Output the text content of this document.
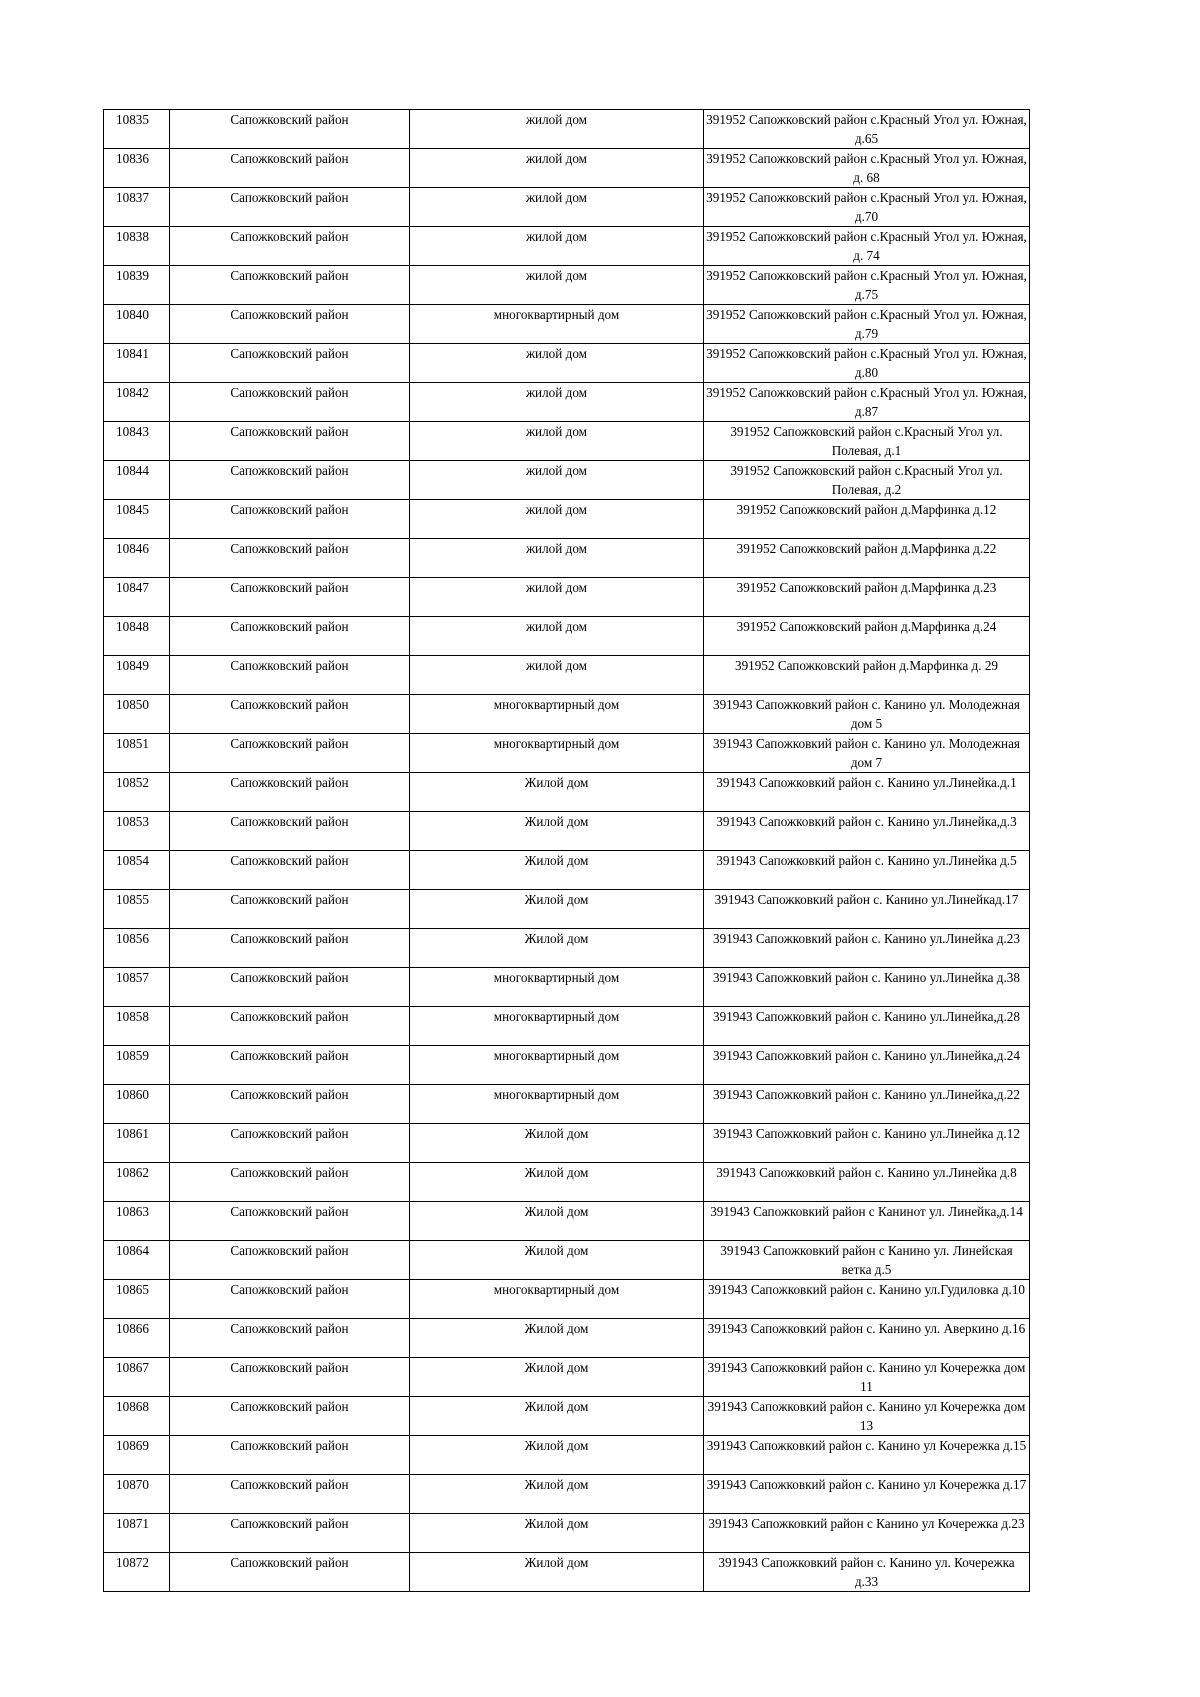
10835	Сапожковский район	жилой дом	391952 Сапожковский район с.Красный Угол ул. Южная, д.65
10836	Сапожковский район	жилой дом	391952 Сапожковский район с.Красный Угол ул. Южная, д. 68
10837	Сапожковский район	жилой дом	391952 Сапожковский район с.Красный Угол ул. Южная, д.70
10838	Сапожковский район	жилой дом	391952 Сапожковский район с.Красный Угол ул. Южная, д. 74
10839	Сапожковский район	жилой дом	391952 Сапожковский район с.Красный Угол ул. Южная, д.75
10840	Сапожковский район	многоквартирный дом	391952 Сапожковский район с.Красный Угол ул. Южная, д.79
10841	Сапожковский район	жилой дом	391952 Сапожковский район с.Красный Угол ул. Южная, д.80
10842	Сапожковский район	жилой дом	391952 Сапожковский район с.Красный Угол ул. Южная, д.87
10843	Сапожковский район	жилой дом	391952 Сапожковский район с.Красный Угол ул. Полевая, д.1
10844	Сапожковский район	жилой дом	391952 Сапожковский район с.Красный Угол ул. Полевая, д.2
10845	Сапожковский район	жилой дом	391952 Сапожковский район д.Марфинка д.12
10846	Сапожковский район	жилой дом	391952 Сапожковский район д.Марфинка д.22
10847	Сапожковский район	жилой дом	391952 Сапожковский район д.Марфинка д.23
10848	Сапожковский район	жилой дом	391952 Сапожковский район д.Марфинка д.24
10849	Сапожковский район	жилой дом	391952 Сапожковский район д.Марфинка д. 29
10850	Сапожковский район	многоквартирный дом	391943 Сапожковкий район с. Канино ул. Молодежная дом 5
10851	Сапожковский район	многоквартирный дом	391943 Сапожковкий район с. Канино ул. Молодежная дом 7
10852	Сапожковский район	Жилой дом	391943 Сапожковкий район с. Канино ул.Линейка.д.1
10853	Сапожковский район	Жилой дом	391943 Сапожковкий район с. Канино ул.Линейка,д.3
10854	Сапожковский район	Жилой дом	391943 Сапожковкий район с. Канино ул.Линейка д.5
10855	Сапожковский район	Жилой дом	391943 Сапожковкий район с. Канино ул.Линейкад.17
10856	Сапожковский район	Жилой дом	391943 Сапожковкий район с. Канино ул.Линейка д.23
10857	Сапожковский район	многоквартирный дом	391943 Сапожковкий район с. Канино ул.Линейка д.38
10858	Сапожковский район	многоквартирный дом	391943 Сапожковкий район с. Канино ул.Линейка,д.28
10859	Сапожковский район	многоквартирный дом	391943 Сапожковкий район с. Канино ул.Линейка,д.24
10860	Сапожковский район	многоквартирный дом	391943 Сапожковкий район с. Канино ул.Линейка,д.22
10861	Сапожковский район	Жилой дом	391943 Сапожковкий район с. Канино ул.Линейка д.12
10862	Сапожковский район	Жилой дом	391943 Сапожковкий район с. Канино ул.Линейка д.8
10863	Сапожковский район	Жилой дом	391943 Сапожковкий район с Канинот ул. Линейка,д.14
10864	Сапожковский район	Жилой дом	391943 Сапожковкий район с Канино ул. Линейская ветка д.5
10865	Сапожковский район	многоквартирный дом	391943 Сапожковкий район с. Канино ул.Гудиловка д.10
10866	Сапожковский район	Жилой дом	391943 Сапожковкий район с. Канино ул. Аверкино д.16
10867	Сапожковский район	Жилой дом	391943 Сапожковкий район с. Канино ул Кочережка дом 11
10868	Сапожковский район	Жилой дом	391943 Сапожковкий район с. Канино ул Кочережка дом 13
10869	Сапожковский район	Жилой дом	391943 Сапожковкий район с. Канино ул Кочережка д.15
10870	Сапожковский район	Жилой дом	391943 Сапожковкий район с. Канино ул Кочережка д.17
10871	Сапожковский район	Жилой дом	391943 Сапожковкий район с Канино ул Кочережка д.23
10872	Сапожковский район	Жилой дом	391943 Сапожковкий район с. Канино ул. Кочережка д.33
